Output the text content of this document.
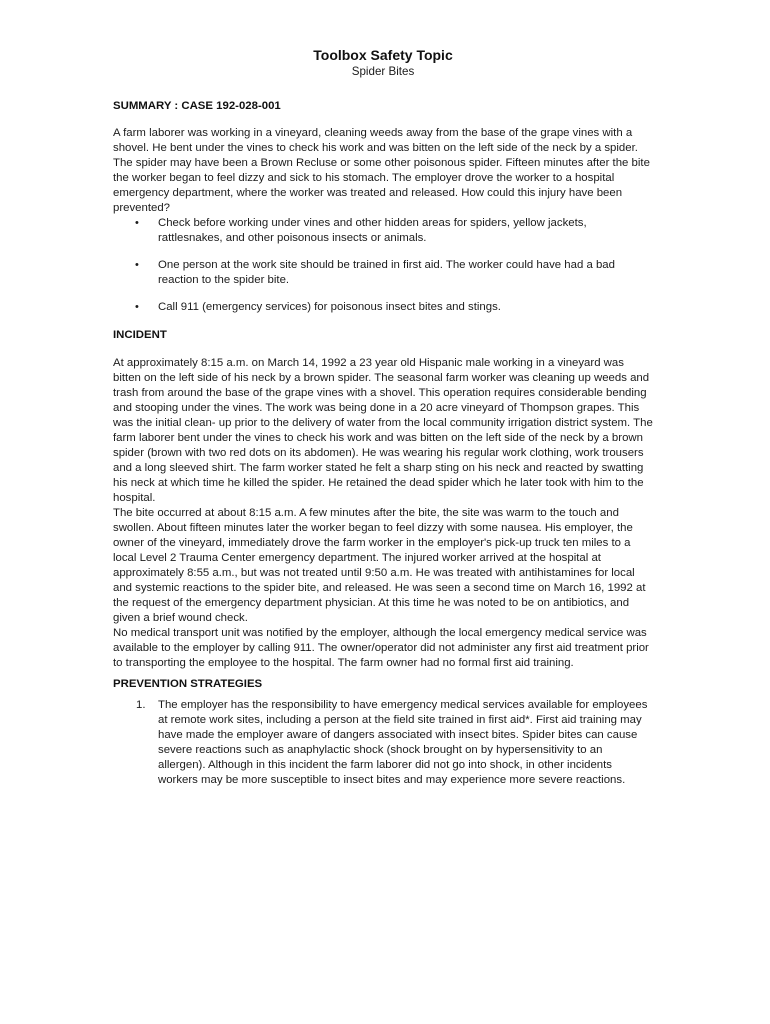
Toolbox Safety Topic
Spider Bites
SUMMARY : CASE 192-028-001

A farm laborer was working in a vineyard, cleaning weeds away from the base of the grape vines with a shovel. He bent under the vines to check his work and was bitten on the left side of the neck by a spider. The spider may have been a Brown Recluse or some other poisonous spider. Fifteen minutes after the bite the worker began to feel dizzy and sick to his stomach. The employer drove the worker to a hospital emergency department, where the worker was treated and released. How could this injury have been prevented?

• Check before working under vines and other hidden areas for spiders, yellow jackets, rattlesnakes, and other poisonous insects or animals.
• One person at the work site should be trained in first aid. The worker could have had a bad reaction to the spider bite.
• Call 911 (emergency services) for poisonous insect bites and stings.
INCIDENT

At approximately 8:15 a.m. on March 14, 1992 a 23 year old Hispanic male working in a vineyard was bitten on the left side of his neck by a brown spider. The seasonal farm worker was cleaning up weeds and trash from around the base of the grape vines with a shovel. This operation requires considerable bending and stooping under the vines. The work was being done in a 20 acre vineyard of Thompson grapes. This was the initial clean- up prior to the delivery of water from the local community irrigation district system. The farm laborer bent under the vines to check his work and was bitten on the left side of the neck by a brown spider (brown with two red dots on its abdomen). He was wearing his regular work clothing, work trousers and a long sleeved shirt. The farm worker stated he felt a sharp sting on his neck and reacted by swatting his neck at which time he killed the spider. He retained the dead spider which he later took with him to the hospital.

The bite occurred at about 8:15 a.m. A few minutes after the bite, the site was warm to the touch and swollen. About fifteen minutes later the worker began to feel dizzy with some nausea. His employer, the owner of the vineyard, immediately drove the farm worker in the employer's pick-up truck ten miles to a local Level 2 Trauma Center emergency department. The injured worker arrived at the hospital at approximately 8:55 a.m., but was not treated until 9:50 a.m. He was treated with antihistamines for local and systemic reactions to the spider bite, and released. He was seen a second time on March 16, 1992 at the request of the emergency department physician. At this time he was noted to be on antibiotics, and given a brief wound check.

No medical transport unit was notified by the employer, although the local emergency medical service was available to the employer by calling 911. The owner/operator did not administer any first aid treatment prior to transporting the employee to the hospital. The farm owner had no formal first aid training.

PREVENTION STRATEGIES
1. The employer has the responsibility to have emergency medical services available for employees at remote work sites, including a person at the field site trained in first aid*. First aid training may have made the employer aware of dangers associated with insect bites. Spider bites can cause severe reactions such as anaphylactic shock (shock brought on by hypersensitivity to an allergen). Although in this incident the farm laborer did not go into shock, in other incidents workers may be more susceptible to insect bites and may experience more severe reactions.
